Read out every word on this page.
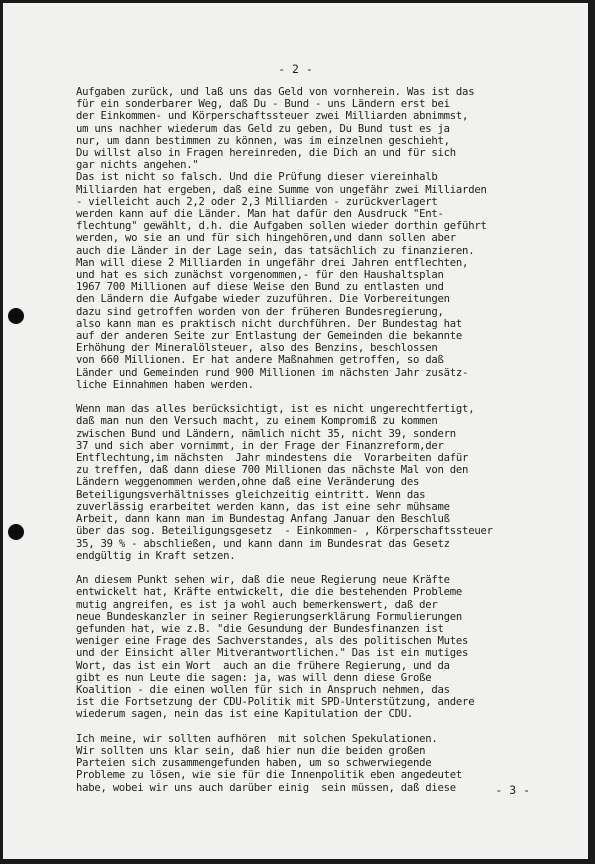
- 2 -
Aufgaben zurück, und laß uns das Geld von vornherein. Was ist das
für ein sonderbarer Weg, daß Du - Bund - uns Ländern erst bei
der Einkommen- und Körperschaftssteuer zwei Milliarden abnimmst,
um uns nachher wiederum das Geld zu geben, Du Bund tust es ja
nur, um dann bestimmen zu können, was im einzelnen geschieht,
Du willst also in Fragen hereinreden, die Dich an und für sich
gar nichts angehen."
Das ist nicht so falsch. Und die Prüfung dieser viereinhalb
Milliarden hat ergeben, daß eine Summe von ungefähr zwei Milliarden
- vielleicht auch 2,2 oder 2,3 Milliarden - zurückverlagert
werden kann auf die Länder. Man hat dafür den Ausdruck "Ent-
flechtung" gewählt, d.h. die Aufgaben sollen wieder dorthin geführt
werden, wo sie an und für sich hingehören,und dann sollen aber
auch die Länder in der Lage sein, das tatsächlich zu finanzieren.
Man will diese 2 Milliarden in ungefähr drei Jahren entflechten,
und hat es sich zunächst vorgenommen,- für den Haushaltsplan
1967 700 Millionen auf diese Weise den Bund zu entlasten und
den Ländern die Aufgabe wieder zuzuführen. Die Vorbereitungen
dazu sind getroffen worden von der früheren Bundesregierung,
also kann man es praktisch nicht durchführen. Der Bundestag hat
auf der anderen Seite zur Entlastung der Gemeinden die bekannte
Erhöhung der Mineralölsteuer, also des Benzins, beschlossen
von 660 Millionen. Er hat andere Maßnahmen getroffen, so daß
Länder und Gemeinden rund 900 Millionen im nächsten Jahr zusätz-
liche Einnahmen haben werden.
Wenn man das alles berücksichtigt, ist es nicht ungerechtfertigt,
daß man nun den Versuch macht, zu einem Kompromiß zu kommen
zwischen Bund und Ländern, nämlich nicht 35, nicht 39, sondern
37 und sich aber vornimmt, in der Frage der Finanzreform,der
Entflechtung,im nächsten  Jahr mindestens die  Vorarbeiten dafür
zu treffen, daß dann diese 700 Millionen das nächste Mal von den
Ländern weggenommen werden,ohne daß eine Veränderung des
Beteiligungsverhältnisses gleichzeitig eintritt. Wenn das
zuverlässig erarbeitet werden kann, das ist eine sehr mühsame
Arbeit, dann kann man im Bundestag Anfang Januar den Beschluß
über das sog. Beteiligungsgesetz  - Einkommen- , Körperschaftssteuer
35, 39 % - abschließen, und kann dann im Bundesrat das Gesetz
endgültig in Kraft setzen.
An diesem Punkt sehen wir, daß die neue Regierung neue Kräfte
entwickelt hat, Kräfte entwickelt, die die bestehenden Probleme
mutig angreifen, es ist ja wohl auch bemerkenswert, daß der
neue Bundeskanzler in seiner Regierungserklärung Formulierungen
gefunden hat, wie z.B. "die Gesundung der Bundesfinanzen ist
weniger eine Frage des Sachverstandes, als des politischen Mutes
und der Einsicht aller Mitverantwortlichen." Das ist ein mutiges
Wort, das ist ein Wort  auch an die frühere Regierung, und da
gibt es nun Leute die sagen: ja, was will denn diese Große
Koalition - die einen wollen für sich in Anspruch nehmen, das
ist die Fortsetzung der CDU-Politik mit SPD-Unterstützung, andere
wiederum sagen, nein das ist eine Kapitulation der CDU.
Ich meine, wir sollten aufhören  mit solchen Spekulationen.
Wir sollten uns klar sein, daß hier nun die beiden großen
Parteien sich zusammengefunden haben, um so schwerwiegende
Probleme zu lösen, wie sie für die Innenpolitik eben angedeutet
habe, wobei wir uns auch darüber einig  sein müssen, daß diese	- 3 -
